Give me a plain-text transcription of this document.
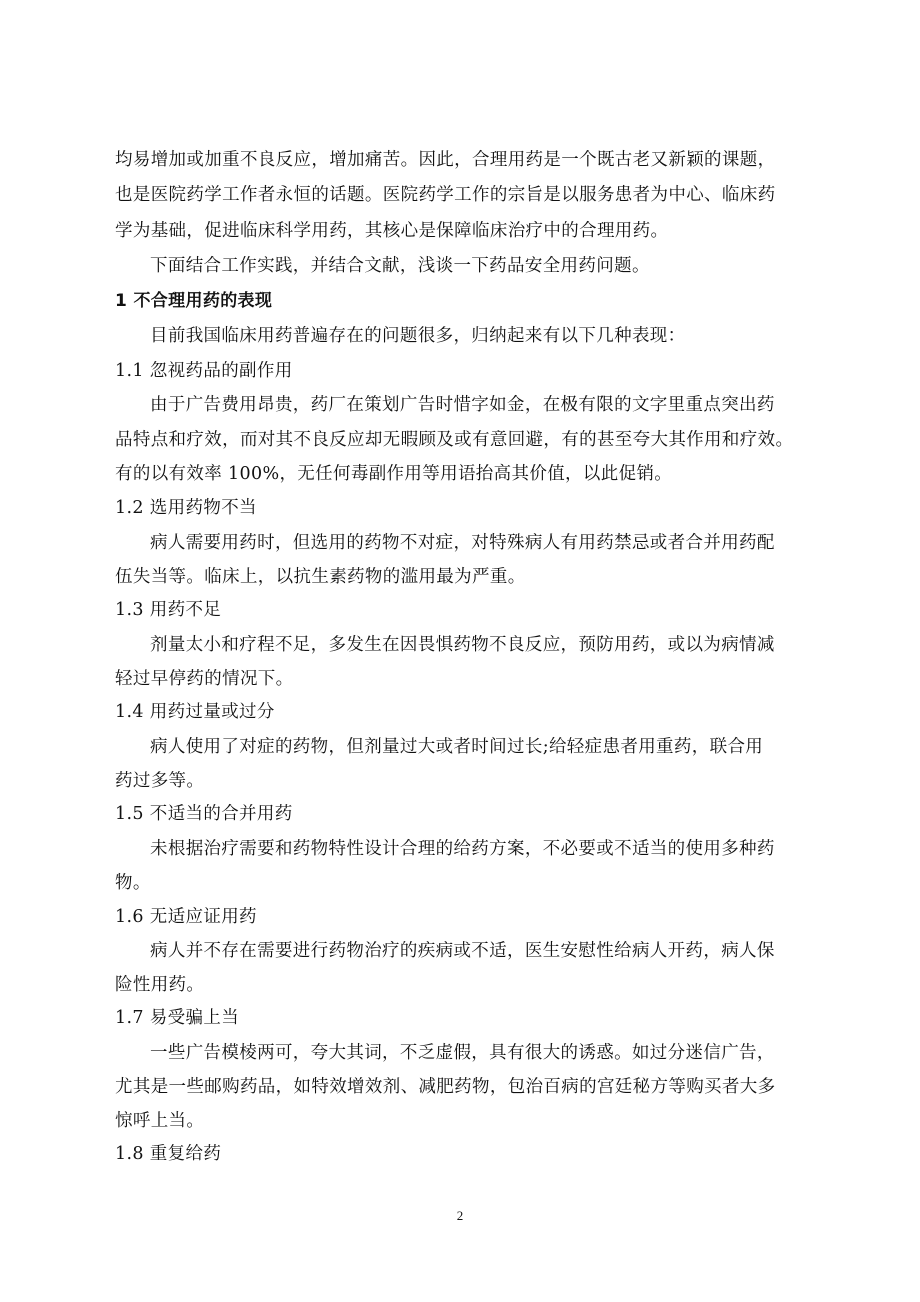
均易增加或加重不良反应，增加痛苦。因此，合理用药是一个既古老又新颖的课题，
也是医院药学工作者永恒的话题。医院药学工作的宗旨是以服务患者为中心、临床药
学为基础，促进临床科学用药，其核心是保障临床治疗中的合理用药。
下面结合工作实践，并结合文献，浅谈一下药品安全用药问题。
1 不合理用药的表现
目前我国临床用药普遍存在的问题很多，归纳起来有以下几种表现：
1.1 忽视药品的副作用
由于广告费用昂贵，药厂在策划广告时惜字如金，在极有限的文字里重点突出药
品特点和疗效，而对其不良反应却无暇顾及或有意回避，有的甚至夸大其作用和疗效。
有的以有效率 100%，无任何毒副作用等用语抬高其价值，以此促销。
1.2 选用药物不当
病人需要用药时，但选用的药物不对症，对特殊病人有用药禁忌或者合并用药配
伍失当等。临床上，以抗生素药物的滥用最为严重。
1.3 用药不足
剂量太小和疗程不足，多发生在因畏惧药物不良反应，预防用药，或以为病情减
轻过早停药的情况下。
1.4 用药过量或过分
病人使用了对症的药物，但剂量过大或者时间过长;给轻症患者用重药，联合用
药过多等。
1.5 不适当的合并用药
未根据治疗需要和药物特性设计合理的给药方案，不必要或不适当的使用多种药
物。
1.6 无适应证用药
病人并不存在需要进行药物治疗的疾病或不适，医生安慰性给病人开药，病人保
险性用药。
1.7 易受骗上当
一些广告模棱两可，夸大其词，不乏虚假，具有很大的诱惑。如过分迷信广告，
尤其是一些邮购药品，如特效增效剂、减肥药物，包治百病的宫廷秘方等购买者大多
惊呼上当。
1.8 重复给药
2
